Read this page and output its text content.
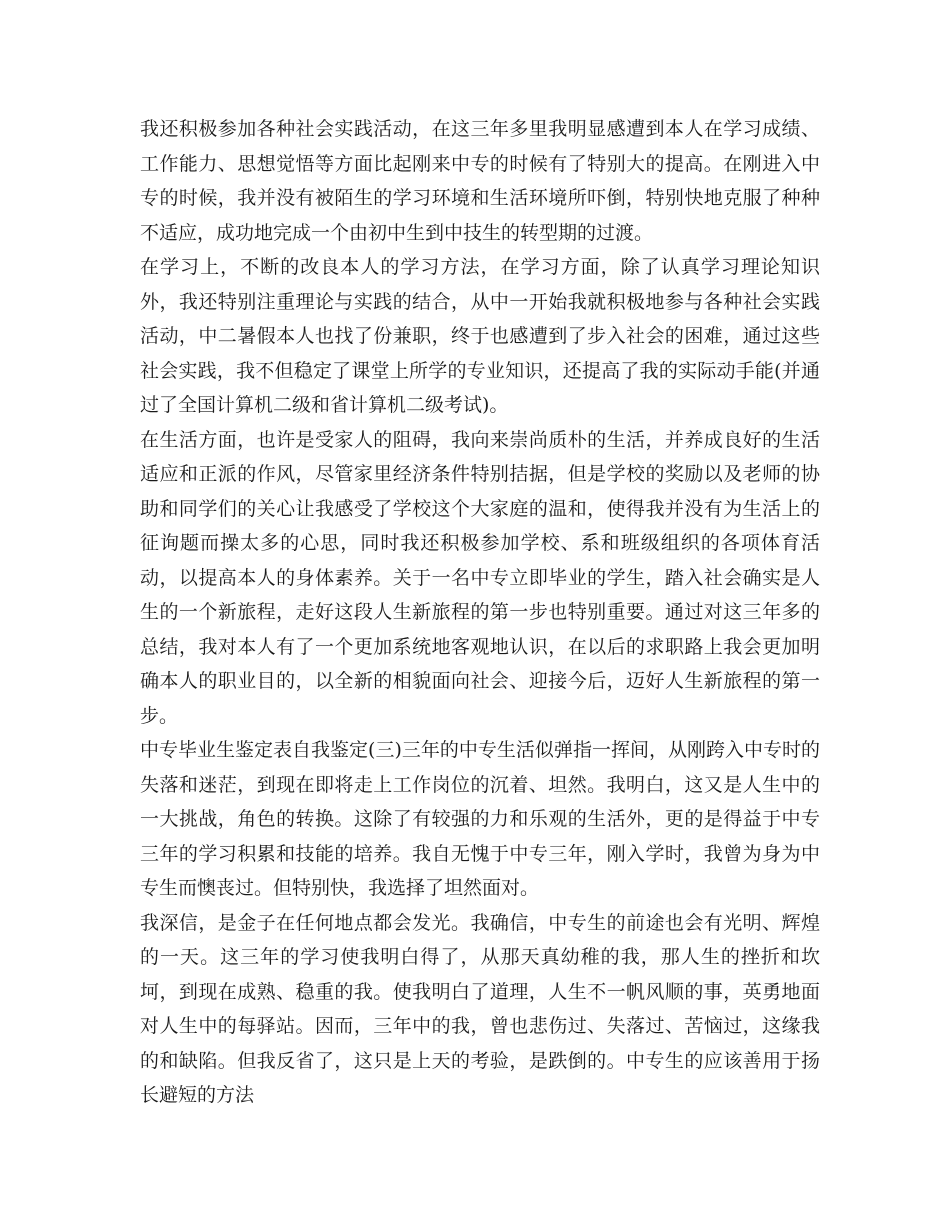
我还积极参加各种社会实践活动，在这三年多里我明显感遭到本人在学习成绩、工作能力、思想觉悟等方面比起刚来中专的时候有了特别大的提高。在刚进入中专的时候，我并没有被陌生的学习环境和生活环境所吓倒，特别快地克服了种种不适应，成功地完成一个由初中生到中技生的转型期的过渡。

在学习上，不断的改良本人的学习方法，在学习方面，除了认真学习理论知识外，我还特别注重理论与实践的结合，从中一开始我就积极地参与各种社会实践活动，中二暑假本人也找了份兼职，终于也感遭到了步入社会的困难，通过这些社会实践，我不但稳定了课堂上所学的专业知识，还提高了我的实际动手能(并通过了全国计算机二级和省计算机二级考试)。

在生活方面，也许是受家人的阻碍，我向来崇尚质朴的生活，并养成良好的生活适应和正派的作风，尽管家里经济条件特别拮据，但是学校的奖励以及老师的协助和同学们的关心让我感受了学校这个大家庭的温和，使得我并没有为生活上的征询题而操太多的心思，同时我还积极参加学校、系和班级组织的各项体育活动，以提高本人的身体素养。关于一名中专立即毕业的学生，踏入社会确实是人生的一个新旅程，走好这段人生新旅程的第一步也特别重要。通过对这三年多的总结，我对本人有了一个更加系统地客观地认识，在以后的求职路上我会更加明确本人的职业目的，以全新的相貌面向社会、迎接今后，迈好人生新旅程的第一步。

中专毕业生鉴定表自我鉴定(三)三年的中专生活似弹指一挥间，从刚跨入中专时的失落和迷茫，到现在即将走上工作岗位的沉着、坦然。我明白，这又是人生中的一大挑战，角色的转换。这除了有较强的力和乐观的生活外，更的是得益于中专三年的学习积累和技能的培养。我自无愧于中专三年，刚入学时，我曾为身为中专生而懊丧过。但特别快，我选择了坦然面对。

我深信，是金子在任何地点都会发光。我确信，中专生的前途也会有光明、辉煌的一天。这三年的学习使我明白得了，从那天真幼稚的我，那人生的挫折和坎坷，到现在成熟、稳重的我。使我明白了道理，人生不一帆风顺的事，英勇地面对人生中的每驿站。因而，三年中的我，曾也悲伤过、失落过、苦恼过，这缘我的和缺陷。但我反省了，这只是上天的考验，是跌倒的。中专生的应该善用于扬长避短的方法
